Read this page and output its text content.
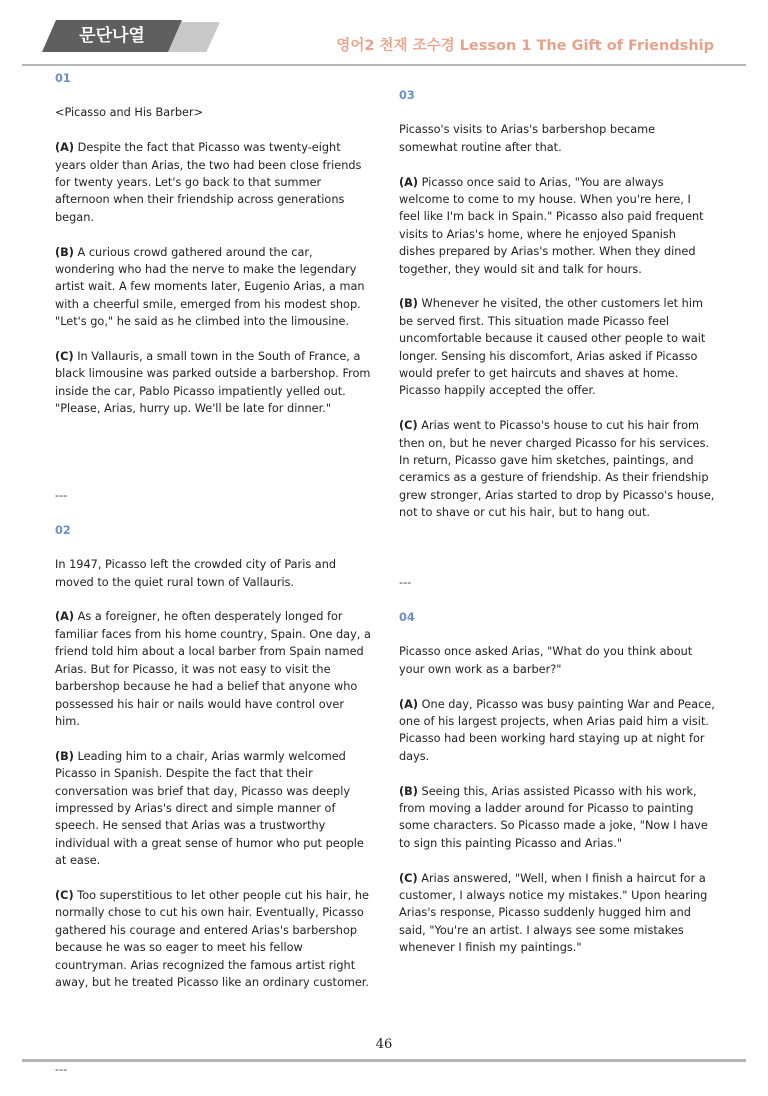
문단나열	영어2 천재 조수경 Lesson 1 The Gift of Friendship
01

<Picasso and His Barber>

(A) Despite the fact that Picasso was twenty-eight years older than Arias, the two had been close friends for twenty years. Let's go back to that summer afternoon when their friendship across generations began.

(B) A curious crowd gathered around the car, wondering who had the nerve to make the legendary artist wait. A few moments later, Eugenio Arias, a man with a cheerful smile, emerged from his modest shop. "Let's go," he said as he climbed into the limousine.

(C) In Vallauris, a small town in the South of France, a black limousine was parked outside a barbershop. From inside the car, Pablo Picasso impatiently yelled out. "Please, Arias, hurry up. We'll be late for dinner."

---
02

In 1947, Picasso left the crowded city of Paris and moved to the quiet rural town of Vallauris.

(A) As a foreigner, he often desperately longed for familiar faces from his home country, Spain. One day, a friend told him about a local barber from Spain named Arias. But for Picasso, it was not easy to visit the barbershop because he had a belief that anyone who possessed his hair or nails would have control over him.

(B) Leading him to a chair, Arias warmly welcomed Picasso in Spanish. Despite the fact that their conversation was brief that day, Picasso was deeply impressed by Arias's direct and simple manner of speech. He sensed that Arias was a trustworthy individual with a great sense of humor who put people at ease.

(C) Too superstitious to let other people cut his hair, he normally chose to cut his own hair. Eventually, Picasso gathered his courage and entered Arias's barbershop because he was so eager to meet his fellow countryman. Arias recognized the famous artist right away, but he treated Picasso like an ordinary customer.

---
03

Picasso's visits to Arias's barbershop became somewhat routine after that.

(A) Picasso once said to Arias, "You are always welcome to come to my house. When you're here, I feel like I'm back in Spain." Picasso also paid frequent visits to Arias's home, where he enjoyed Spanish dishes prepared by Arias's mother. When they dined together, they would sit and talk for hours.

(B) Whenever he visited, the other customers let him be served first. This situation made Picasso feel uncomfortable because it caused other people to wait longer. Sensing his discomfort, Arias asked if Picasso would prefer to get haircuts and shaves at home. Picasso happily accepted the offer.

(C) Arias went to Picasso's house to cut his hair from then on, but he never charged Picasso for his services. In return, Picasso gave him sketches, paintings, and ceramics as a gesture of friendship. As their friendship grew stronger, Arias started to drop by Picasso's house, not to shave or cut his hair, but to hang out.

---
04

Picasso once asked Arias, "What do you think about your own work as a barber?"

(A) One day, Picasso was busy painting War and Peace, one of his largest projects, when Arias paid him a visit. Picasso had been working hard staying up at night for days.

(B) Seeing this, Arias assisted Picasso with his work, from moving a ladder around for Picasso to painting some characters. So Picasso made a joke, "Now I have to sign this painting Picasso and Arias."

(C) Arias answered, "Well, when I finish a haircut for a customer, I always notice my mistakes." Upon hearing Arias's response, Picasso suddenly hugged him and said, "You're an artist. I always see some mistakes whenever I finish my paintings."

46
